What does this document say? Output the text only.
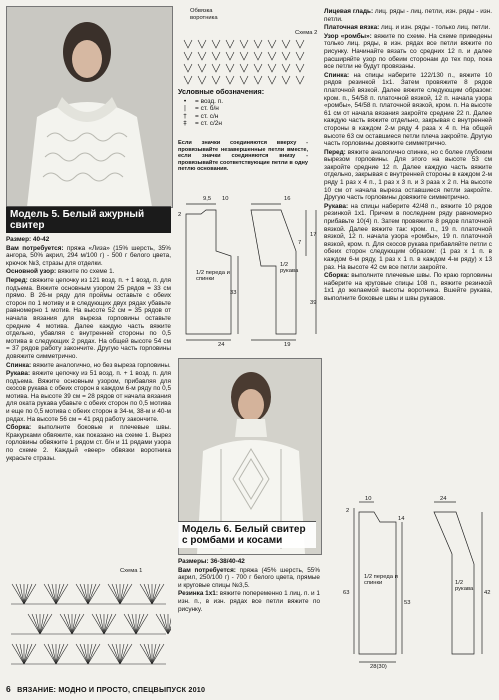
Модель 5. Белый ажурный свитер

Размер: 40-42

Вам потребуется: пряжа «Лиза» (15% шерсть, 35% ангора, 50% акрил, 294 м/100 г) - 500 г белого цвета, крючок №3, стразы для отделки.

Основной узор: вяжите по схеме 1.

Перед: свяжите цепочку из 121 возд. п. + 1 возд. п. для подъема. Вяжите основным узором 25 рядов = 33 см прямо. В 26-м ряду для проймы оставьте с обеих сторон по 1 мотиву и в следующих двух рядах убавьте равномерно 1 мотив. На высоте 52 см = 35 рядов от начала вязания для выреза горловины оставьте средние 4 мотива. Далее каждую часть вяжите отдельно, убавляя с внутренней стороны по 0,5 мотива в следующих 2 рядах. На общей высоте 54 см = 37 рядов работу закончите. Другую часть горловины довяжите симметрично.

Спинка: вяжите аналогично, но без выреза горловины.

Рукава: вяжите цепочку из 51 возд. п. + 1 возд. п. для подъема. Вяжите основным узором, прибавляя для скосов рукава с обеих сторон в каждом 6-м ряду по 0,5 мотива. На высоте 39 см = 28 рядов от начала вязания для оката рукава убавьте с обеих сторон по 0,5 мотива и еще по 0,5 мотива с обеих сторон в 34-м, 38-м и 40-м рядах. На высоте 56 см = 41 ряд работу закончите.

Сборка: выполните боковые и плечевые швы. Кракурками обвяжите, как показано на схеме 1. Вырез горловины обвяжите 1 рядом ст. б/н и 11 рядами узора по схеме 2. Каждый «веер» обвязки воротника украсьте стразы.

Схема 1
Обвязка воротника
Схема 2
Условные обозначения:
•	= возд. п.
|	= ст. б/н
†	= ст. с/н
‡	= ст. с/2н
Если значки соединяются вверху - провязывайте незавершенные петли вместе, если значки соединяются внизу - провязывайте соответствующие петли в одну петлю основания.
9,5 10	16
2
17
7
33
39
1/2 переда и спинки
1/2 рукава
24	19
Модель 6. Белый свитер с ромбами и косами

Размеры: 36-38/40-42

Вам потребуется: пряжа (45% шерсть, 55% акрил, 250/100 г) - 700 г белого цвета, прямые и круговые спицы №3,5.

Резинка 1х1: вяжите попеременно 1 лиц. п. и 1 изн. п., в изн. рядах все петли вяжите по рисунку.

Лицевая гладь: лиц. ряды - лиц. петли, изн. ряды - изн. петли.

Платочная вязка: лиц. и изн. ряды - только лиц. петли.

Узор «ромбы»: вяжите по схеме. На схеме приведены только лиц. ряды, в изн. рядах все петли вяжите по рисунку. Начинайте вязать со средних 12 п. и далее расширяйте узор по обеим сторонам до тех пор, пока все петли не будут провязаны.

Спинка: на спицы наберите 122/130 п., вяжите 10 рядов резинкой 1х1. Затем провяжите 8 рядов платочной вязкой. Далее вяжите следующим образом: кром. п., 54/58 п. платочной вязкой, 12 п. начала узора «ромбы», 54/58 п. платочной вязкой, кром. п. На высоте 61 см от начала вязания закройте средние 22 п. Далее каждую часть вяжите отдельно, закрывая с внутренней стороны в каждом 2-м ряду 4 раза х 4 п. На общей высоте 63 см оставшиеся петли плеча закройте. Другую часть горловины довяжите симметрично.

Перед: вяжите аналогично спинке, но с более глубоким вырезом горловины. Для этого на высоте 53 см закройте средние 12 п. Далее каждую часть вяжите отдельно, закрывая с внутренней стороны в каждом 2-м ряду 1 раз х 4 п., 1 раз х 3 п. и 3 раза х 2 п. На высоте 10 см от начала выреза оставшиеся петли закройте. Другую часть горловины довяжите симметрично.

Рукава: на спицы наберите 42/48 п., вяжите 10 рядов резинкой 1х1. Причем в последнем ряду равномерно прибавьте 10(4) п. Затем провяжите 8 рядов платочной вязкой. Далее вяжите так: кром. п., 19 п. платочной вязкой, 12 п. начала узора «ромбы», 19 п. платочной вязкой, кром. п. Для скосов рукава прибавляйте петли с обеих сторон следующим образом: (1 раз х 1 п. в каждом 6-м ряду, 1 раз х 1 п. в каждом 4-м ряду) х 13 раз. На высоте 42 см все петли закройте.

Сборка: выполните плечевые швы. По краю горловины наберите на круговые спицы 108 п., вяжите резинкой 1х1 до желаемой высоты воротника. Вшейте рукава, выполните боковые швы и швы рукавов.

10	24
14
2
63
53
42
1/2 переда и спинки	1/2 рукава
28(30)
6 ВЯЗАНИЕ: МОДНО И ПРОСТО, СПЕЦВЫПУСК 2010
